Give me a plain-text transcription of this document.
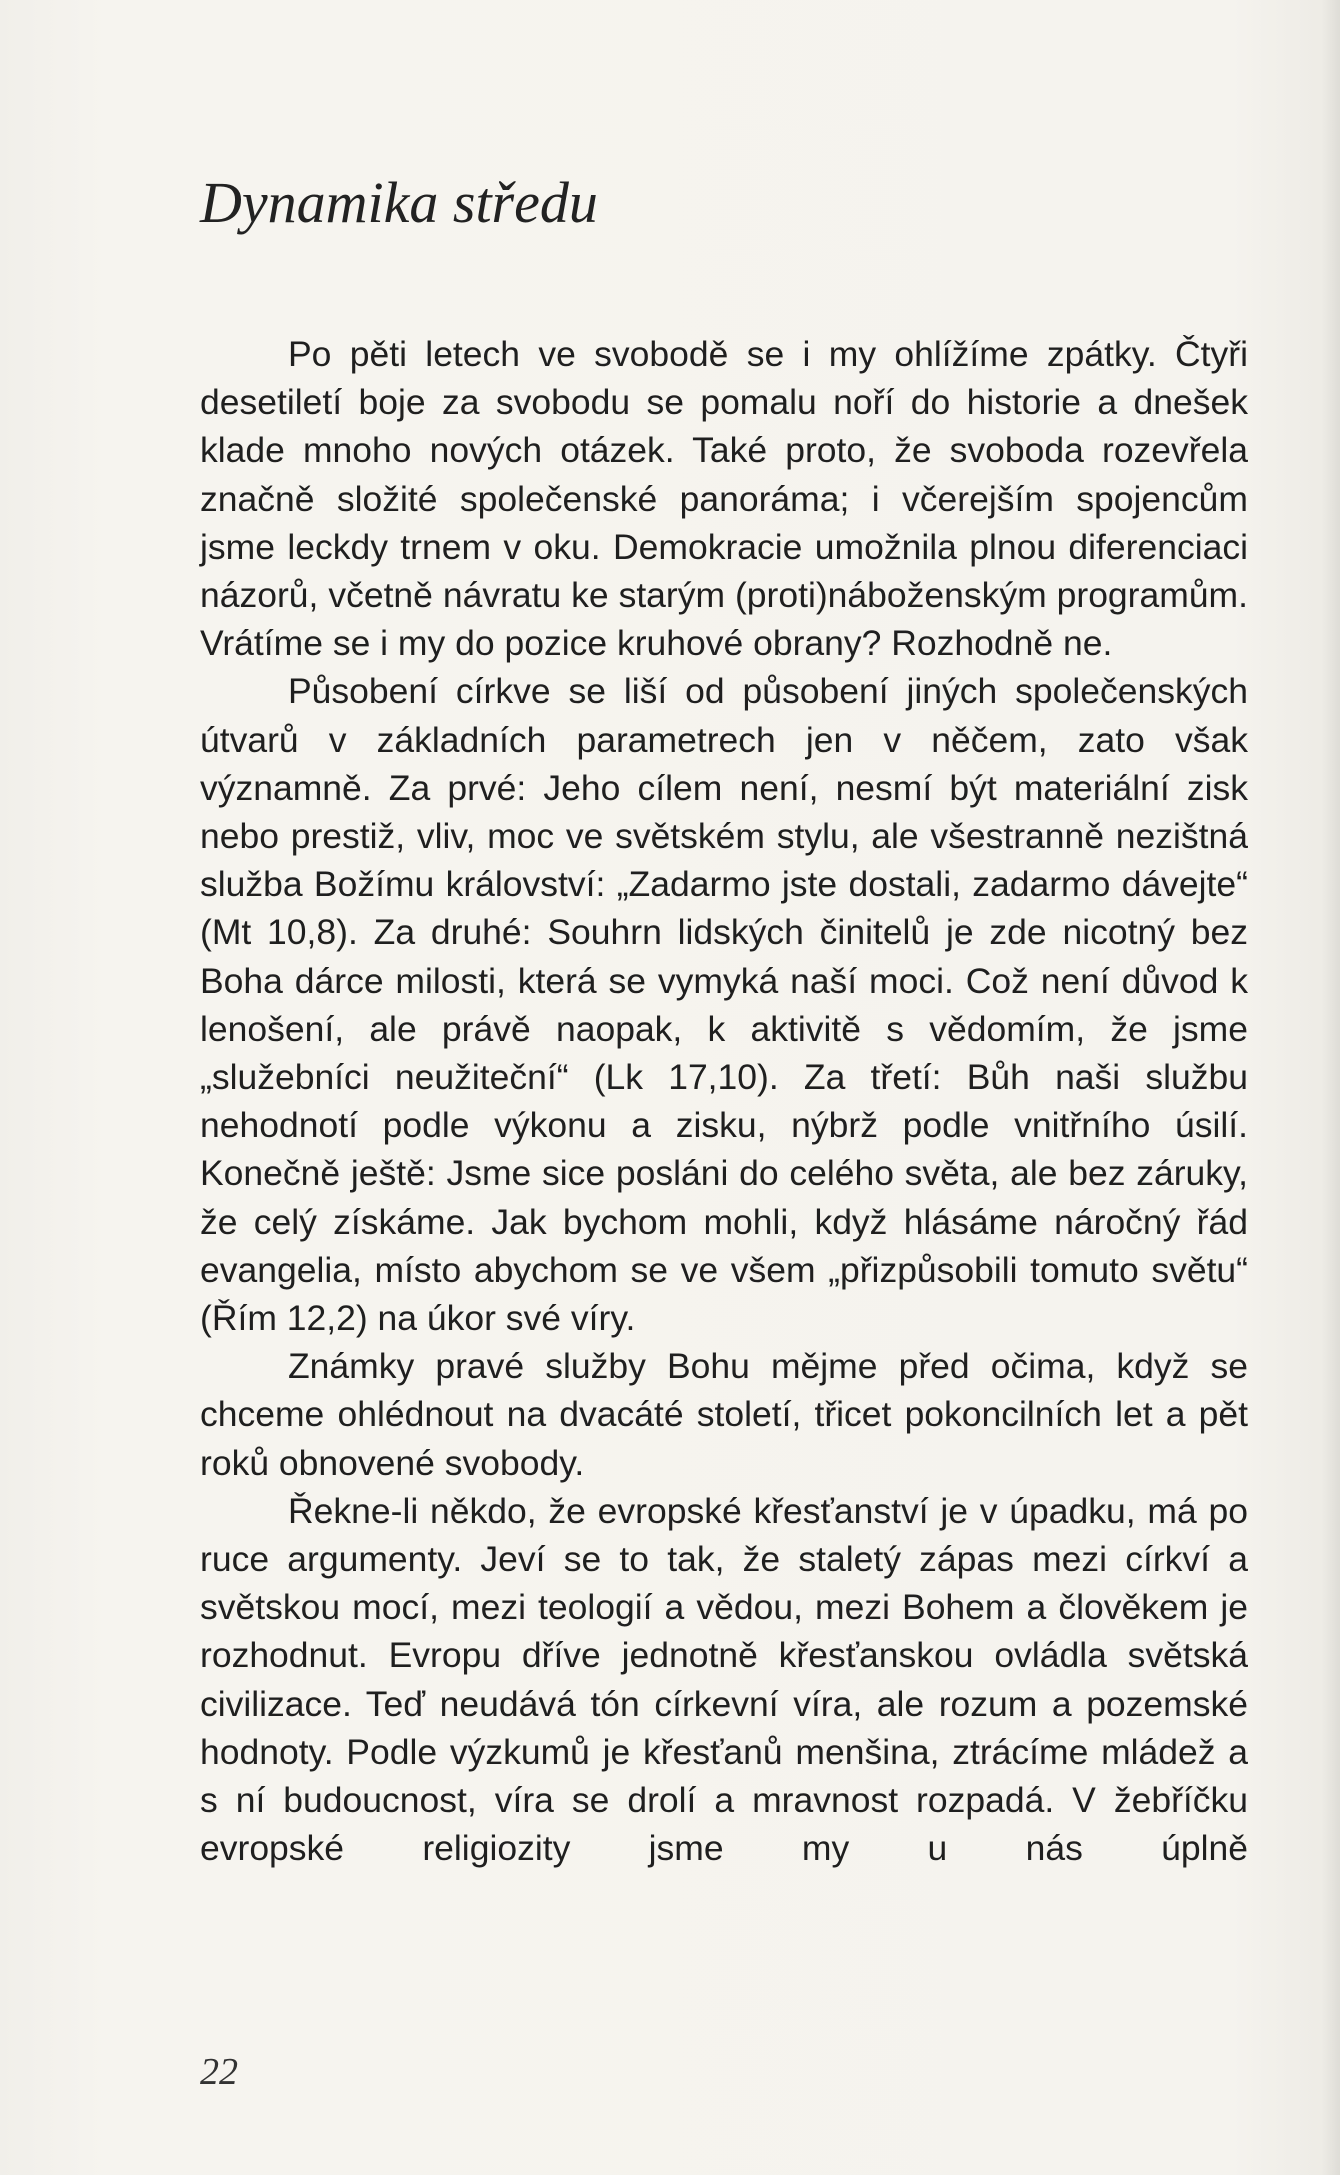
Dynamika středu

Po pěti letech ve svobodě se i my ohlížíme zpátky. Čtyři desetiletí boje za svobodu se pomalu noří do historie a dnešek klade mnoho nových otázek. Také proto, že svoboda rozevřela značně složité společenské panoráma; i včerejším spojencům jsme leckdy trnem v oku. Demokracie umožnila plnou diferenciaci názorů, včetně návratu ke starým (proti)náboženským programům. Vrátíme se i my do pozice kruhové obrany? Rozhodně ne.

Působení církve se liší od působení jiných společenských útvarů v základních parametrech jen v něčem, zato však významně. Za prvé: Jeho cílem není, nesmí být materiální zisk nebo prestiž, vliv, moc ve světském stylu, ale všestranně nezištná služba Božímu království: „Zadarmo jste dostali, zadarmo dávejte“ (Mt 10,8). Za druhé: Souhrn lidských činitelů je zde nicotný bez Boha dárce milosti, která se vymyká naší moci. Což není důvod k lenošení, ale právě naopak, k aktivitě s vědomím, že jsme „služebníci neužiteční“ (Lk 17,10). Za třetí: Bůh naši službu nehodnotí podle výkonu a zisku, nýbrž podle vnitřního úsilí. Konečně ještě: Jsme sice posláni do celého světa, ale bez záruky, že celý získáme. Jak bychom mohli, když hlásáme náročný řád evangelia, místo abychom se ve všem „přizpůsobili tomuto světu“ (Řím 12,2) na úkor své víry.

Známky pravé služby Bohu mějme před očima, když se chceme ohlédnout na dvacáté století, třicet pokoncilních let a pět roků obnovené svobody.

Řekne-li někdo, že evropské křesťanství je v úpadku, má po ruce argumenty. Jeví se to tak, že staletý zápas mezi církví a světskou mocí, mezi teologií a vědou, mezi Bohem a člověkem je rozhodnut. Evropu dříve jednotně křesťanskou ovládla světská civilizace. Teď neudává tón církevní víra, ale rozum a pozemské hodnoty. Podle výzkumů je křesťanů menšina, ztrácíme mládež a s ní budoucnost, víra se drolí a mravnost rozpadá. V žebříčku evropské religiozity jsme my u nás úplně

22
